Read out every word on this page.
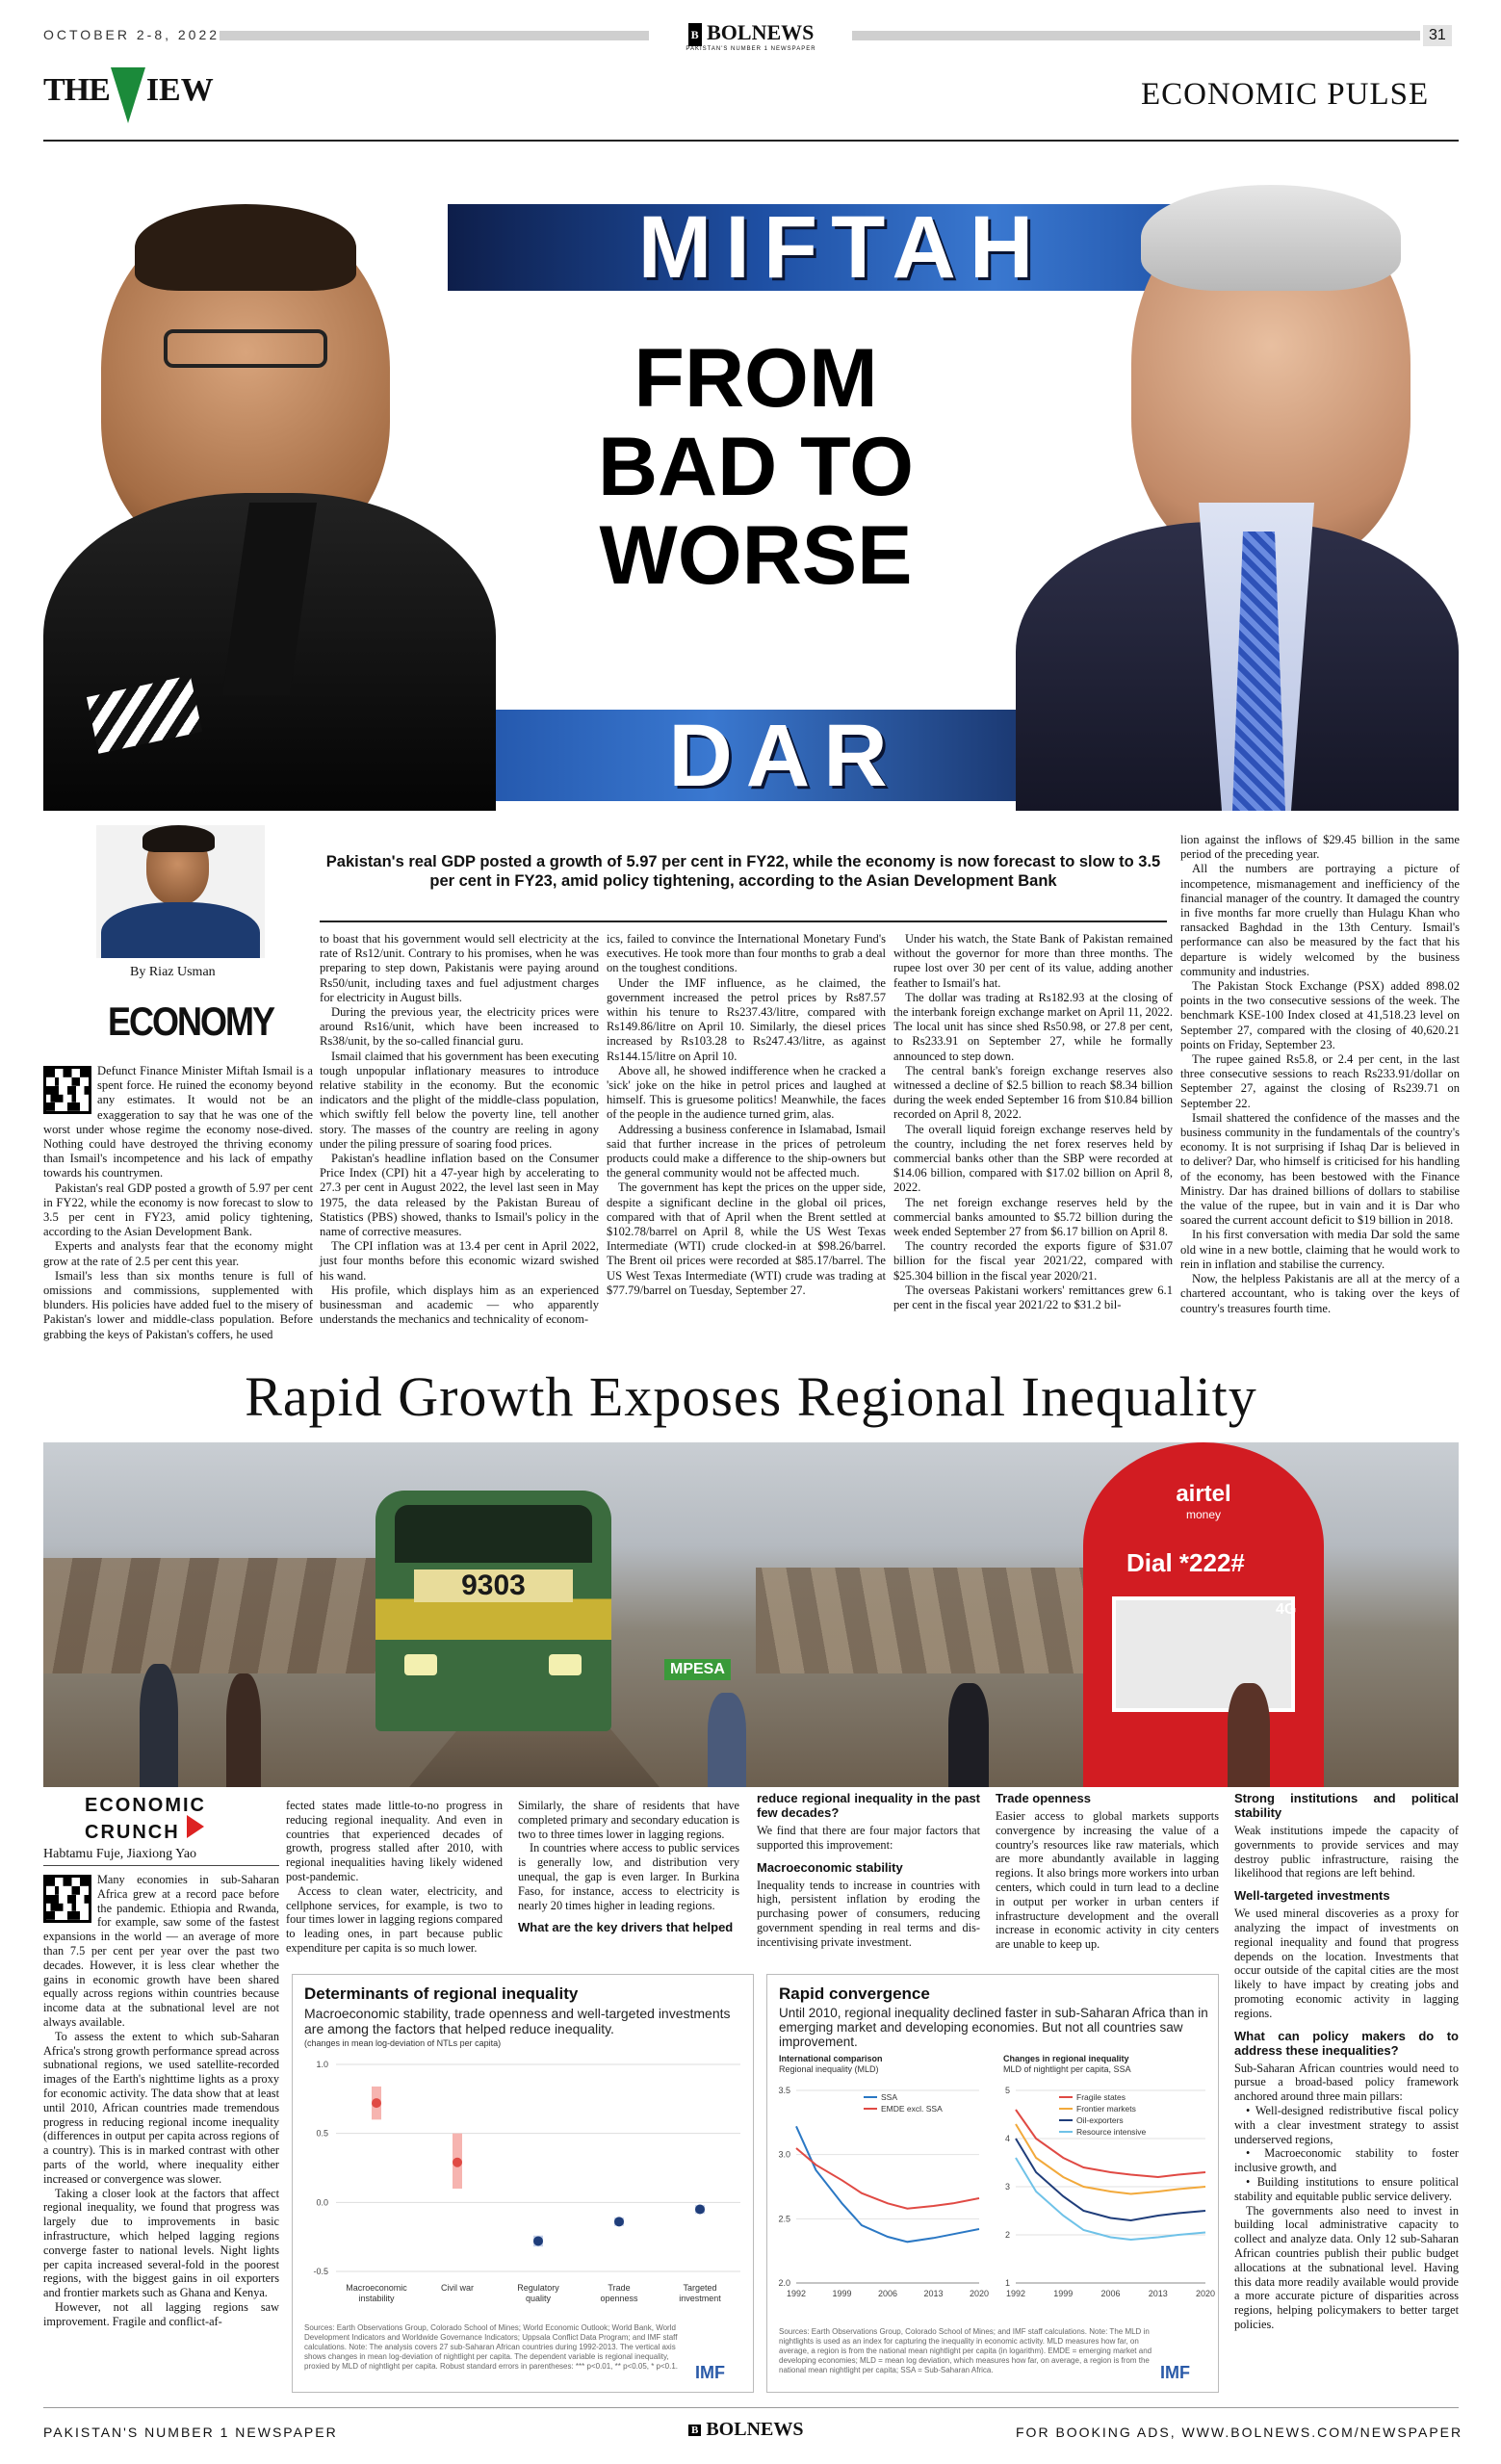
OCTOBER 2-8, 2022	B BOLNEWS
PAKISTAN'S NUMBER 1 NEWSPAPER
31
THE IEW	ECONOMIC PULSE
MIFTAH
FROM
BAD TO
WORSE
DAR
Pakistan's real GDP posted a growth of 5.97 per cent in FY22, while the economy is now forecast to slow to 3.5 per cent in FY23, amid policy tightening, according to the Asian Development Bank
By Riaz Usman
ECONOMY

Defunct Finance Minister Miftah Ismail is a spent force. He ruined the economy beyond any estimates. It would not be an exaggeration to say that he was one of the worst under whose regime the economy nose-dived. Nothing could have destroyed the thriving economy than Ismail's incompetence and his lack of empathy towards his countrymen.

Pakistan's real GDP posted a growth of 5.97 per cent in FY22, while the economy is now forecast to slow to 3.5 per cent in FY23, amid policy tightening, according to the Asian Development Bank.

Experts and analysts fear that the economy might grow at the rate of 2.5 per cent this year.

Ismail's less than six months tenure is full of omissions and commissions, supplemented with blunders. His policies have added fuel to the misery of Pakistan's lower and middle-class population. Before grabbing the keys of Pakistan's coffers, he used

to boast that his government would sell electricity at the rate of Rs12/unit. Contrary to his promises, when he was preparing to step down, Pakistanis were paying around Rs50/unit, including taxes and fuel adjustment charges for electricity in August bills.

During the previous year, the electricity prices were around Rs16/unit, which have been increased to Rs38/unit, by the so-called financial guru.

Ismail claimed that his government has been executing tough unpopular inflationary measures to introduce relative stability in the economy. But the economic indicators and the plight of the middle-class population, which swiftly fell below the poverty line, tell another story. The masses of the country are reeling in agony under the piling pressure of soaring food prices.

Pakistan's headline inflation based on the Consumer Price Index (CPI) hit a 47-year high by accelerating to 27.3 per cent in August 2022, the level last seen in May 1975, the data released by the Pakistan Bureau of Statistics (PBS) showed, thanks to Ismail's policy in the name of corrective measures.

The CPI inflation was at 13.4 per cent in April 2022, just four months before this economic wizard swished his wand.

His profile, which displays him as an experienced businessman and academic — who apparently understands the mechanics and technicality of econom-

ics, failed to convince the International Monetary Fund's executives. He took more than four months to grab a deal on the toughest conditions.

Under the IMF influence, as he claimed, the government increased the petrol prices by Rs87.57 within his tenure to Rs237.43/litre, compared with Rs149.86/litre on April 10. Similarly, the diesel prices increased by Rs103.28 to Rs247.43/litre, as against Rs144.15/litre on April 10.

Above all, he showed indifference when he cracked a 'sick' joke on the hike in petrol prices and laughed at himself. This is gruesome politics! Meanwhile, the faces of the people in the audience turned grim, alas.

Addressing a business conference in Islamabad, Ismail said that further increase in the prices of petroleum products could make a difference to the ship-owners but the general community would not be affected much.

The government has kept the prices on the upper side, despite a significant decline in the global oil prices, compared with that of April when the Brent settled at $102.78/barrel on April 8, while the US West Texas Intermediate (WTI) crude clocked-in at $98.26/barrel. The Brent oil prices were recorded at $85.17/barrel. The US West Texas Intermediate (WTI) crude was trading at $77.79/barrel on Tuesday, September 27.

Under his watch, the State Bank of Pakistan remained without the governor for more than three months. The rupee lost over 30 per cent of its value, adding another feather to Ismail's hat.

The dollar was trading at Rs182.93 at the closing of the interbank foreign exchange market on April 11, 2022. The local unit has since shed Rs50.98, or 27.8 per cent, to Rs233.91 on September 27, while he formally announced to step down.

The central bank's foreign exchange reserves also witnessed a decline of $2.5 billion to reach $8.34 billion during the week ended September 16 from $10.84 billion recorded on April 8, 2022.

The overall liquid foreign exchange reserves held by the country, including the net forex reserves held by commercial banks other than the SBP were recorded at $14.06 billion, compared with $17.02 billion on April 8, 2022.

The net foreign exchange reserves held by the commercial banks amounted to $5.72 billion during the week ended September 27 from $6.17 billion on April 8.

The country recorded the exports figure of $31.07 billion for the fiscal year 2021/22, compared with $25.304 billion in the fiscal year 2020/21.

The overseas Pakistani workers' remittances grew 6.1 per cent in the fiscal year 2021/22 to $31.2 bil-

lion against the inflows of $29.45 billion in the same period of the preceding year.

All the numbers are portraying a picture of incompetence, mismanagement and inefficiency of the financial manager of the country. It damaged the country in five months far more cruelly than Hulagu Khan who ransacked Baghdad in the 13th Century. Ismail's performance can also be measured by the fact that his departure is widely welcomed by the business community and industries.

The Pakistan Stock Exchange (PSX) added 898.02 points in the two consecutive sessions of the week. The benchmark KSE-100 Index closed at 41,518.23 level on September 27, compared with the closing of 40,620.21 points on Friday, September 23.

The rupee gained Rs5.8, or 2.4 per cent, in the last three consecutive sessions to reach Rs233.91/dollar on September 27, against the closing of Rs239.71 on September 22.

Ismail shattered the confidence of the masses and the business community in the fundamentals of the country's economy. It is not surprising if Ishaq Dar is believed in to deliver? Dar, who himself is criticised for his handling of the economy, has been bestowed with the Finance Ministry. Dar has drained billions of dollars to stabilise the value of the rupee, but in vain and it is Dar who soared the current account deficit to $19 billion in 2018.

In his first conversation with media Dar sold the same old wine in a new bottle, claiming that he would work to rein in inflation and stabilise the currency.

Now, the helpless Pakistanis are all at the mercy of a chartered accountant, who is taking over the keys of country's treasures fourth time.

Rapid Growth Exposes Regional Inequality
9303
airtel
money
Dial *222#
4G
MPESA
ECONOMIC CRUNCH
Habtamu Fuje, Jiaxiong Yao

Many economies in sub-Saharan Africa grew at a record pace before the pandemic. Ethiopia and Rwanda, for example, saw some of the fastest expansions in the world — an average of more than 7.5 per cent per year over the past two decades. However, it is less clear whether the gains in economic growth have been shared equally across regions within countries because income data at the subnational level are not always available.

To assess the extent to which sub-Saharan Africa's strong growth performance spread across subnational regions, we used satellite-recorded images of the Earth's nighttime lights as a proxy for economic activity. The data show that at least until 2010, African countries made tremendous progress in reducing regional income inequality (differences in output per capita across regions of a country). This is in marked contrast with other parts of the world, where inequality either increased or convergence was slower.

Taking a closer look at the factors that affect regional inequality, we found that progress was largely due to improvements in basic infrastructure, which helped lagging regions converge faster to national levels. Night lights per capita increased several-fold in the poorest regions, with the biggest gains in oil exporters and frontier markets such as Ghana and Kenya.

However, not all lagging regions saw improvement. Fragile and conflict-af-

fected states made little-to-no progress in reducing regional inequality. And even in countries that experienced decades of growth, progress stalled after 2010, with regional inequalities having likely widened post-pandemic.

Access to clean water, electricity, and cellphone services, for example, is two to four times lower in lagging regions compared to leading ones, in part because public expenditure per capita is so much lower.

Similarly, the share of residents that have completed primary and secondary education is two to three times lower in lagging regions.

In countries where access to public services is generally low, and distribution very unequal, the gap is even larger. In Burkina Faso, for instance, access to electricity is nearly 20 times higher in leading regions.

What are the key drivers that helped
reduce regional inequality in the past few decades?

We find that there are four major factors that supported this improvement:

Macroeconomic stability

Inequality tends to increase in countries with high, persistent inflation by eroding the purchasing power of consumers, reducing government spending in real terms and dis-incentivising private investment.

Trade openness

Easier access to global markets supports convergence by increasing the value of a country's resources like raw materials, which are more abundantly available in lagging regions. It also brings more workers into urban centers, which could in turn lead to a decline in output per worker in urban centers if infrastructure development and the overall increase in economic activity in city centers are unable to keep up.

Strong institutions and political stability

Weak institutions impede the capacity of governments to provide services and may destroy public infrastructure, raising the likelihood that regions are left behind.

Well-targeted investments

We used mineral discoveries as a proxy for analyzing the impact of investments on regional inequality and found that progress depends on the location. Investments that occur outside of the capital cities are the most likely to have impact by creating jobs and promoting economic activity in lagging regions.

What can policy makers do to address these inequalities?

Sub-Saharan African countries would need to pursue a broad-based policy framework anchored around three main pillars:

• Well-designed redistributive fiscal policy with a clear investment strategy to assist underserved regions,

• Macroeconomic stability to foster inclusive growth, and

• Building institutions to ensure political stability and equitable public service delivery.

The governments also need to invest in building local administrative capacity to collect and analyze data. Only 12 sub-Saharan African countries publish their public budget allocations at the subnational level. Having this data more readily available would provide a more accurate picture of disparities across regions, helping policymakers to better target policies.

Determinants of regional inequality
Macroeconomic stability, trade openness and well-targeted investments are among the factors that helped reduce inequality.
(changes in mean log-deviation of NTLs per capita)
1.0
0.5
0.0
-0.5
Macroeconomic
instability
Civil war	Regulatory
quality
Trade
openness
Targeted
investment
Sources: Earth Observations Group, Colorado School of Mines; World Economic Outlook; World Bank, World Development Indicators and Worldwide Governance Indicators; Uppsala Conflict Data Program; and IMF staff calculations. Note: The analysis covers 27 sub-Saharan African countries during 1992-2013. The vertical axis shows changes in mean log-deviation of nightlight per capita. The dependent variable is regional inequality, proxied by MLD of nightlight per capita. Robust standard errors in parentheses: *** p<0.01, ** p<0.05, * p<0.1. IMF
Rapid convergence
Until 2010, regional inequality declined faster in sub-Saharan Africa than in emerging market and developing economies. But not all countries saw improvement.
International comparison
Regional inequality (MLD)
Changes in regional inequality
MLD of nightlight per capita, SSA
3.5
3.0
2.5
2.0
1992	1999	2006	2013	2020
SSA
EMDE excl. SSA
5
4
3
2
1
1992	1999	2006	2013	2020
Fragile states
Frontier markets
Oil-exporters
Resource intensive
Sources: Earth Observations Group, Colorado School of Mines; and IMF staff calculations. Note: The MLD in nightlights is used as an index for capturing the inequality in economic activity. MLD measures how far, on average, a region is from the national mean nightlight per capita (in logarithm). EMDE = emerging market and developing economies; MLD = mean log deviation, which measures how far, on average, a region is from the national mean nightlight per capita; SSA = Sub-Saharan Africa.	IMF
PAKISTAN'S NUMBER 1 NEWSPAPER	B BOLNEWS	FOR BOOKING ADS, WWW.BOLNEWS.COM/NEWSPAPER
